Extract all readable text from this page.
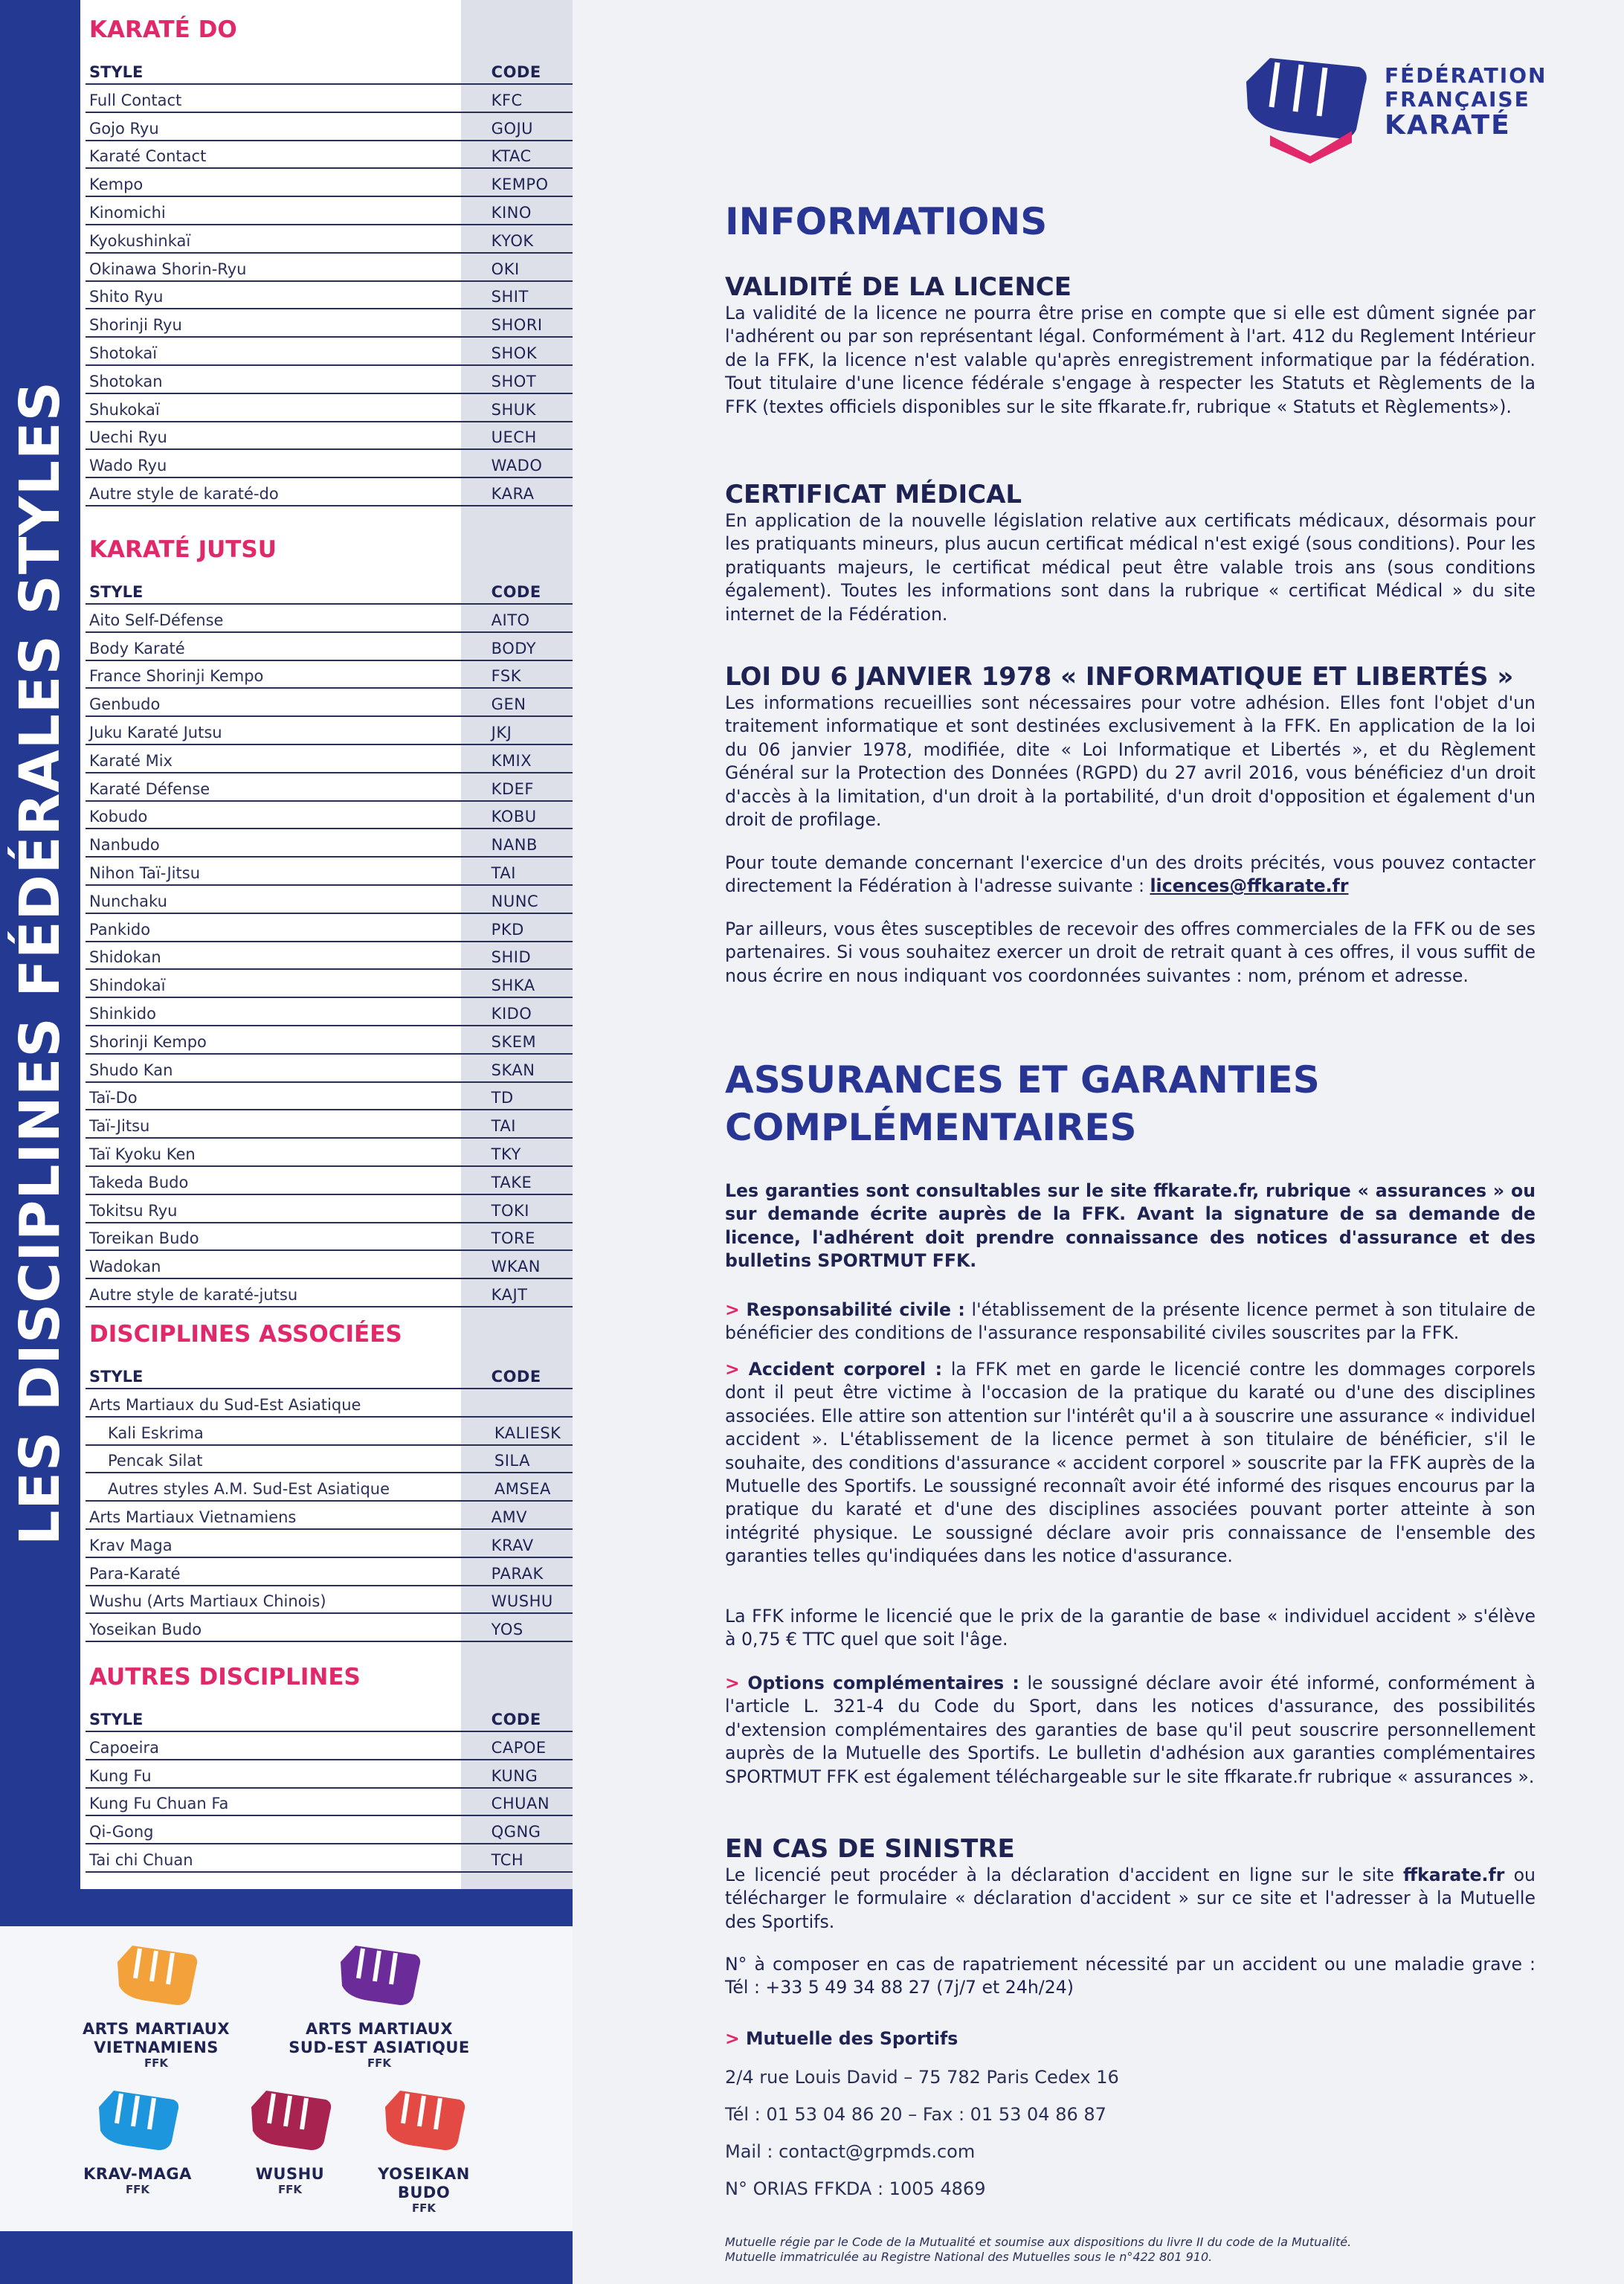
LES DISCIPLINES FÉDÉRALES STYLES
KARATÉ DO
STYLE	CODE
Full Contact	KFC
Gojo Ryu	GOJU
Karaté Contact	KTAC
Kempo	KEMPO
Kinomichi	KINO
Kyokushinkaï	KYOK
Okinawa Shorin-Ryu	OKI
Shito Ryu	SHIT
Shorinji Ryu	SHORI
Shotokaï	SHOK
Shotokan	SHOT
Shukokaï	SHUK
Uechi Ryu	UECH
Wado Ryu	WADO
Autre style de karaté-do	KARA
KARATÉ JUTSU
STYLE	CODE
Aito Self-Défense	AITO
Body Karaté	BODY
France Shorinji Kempo	FSK
Genbudo	GEN
Juku Karaté Jutsu	JKJ
Karaté Mix	KMIX
Karaté Défense	KDEF
Kobudo	KOBU
Nanbudo	NANB
Nihon Taï-Jitsu	TAI
Nunchaku	NUNC
Pankido	PKD
Shidokan	SHID
Shindokaï	SHKA
Shinkido	KIDO
Shorinji Kempo	SKEM
Shudo Kan	SKAN
Taï-Do	TD
Taï-Jitsu	TAI
Taï Kyoku Ken	TKY
Takeda Budo	TAKE
Tokitsu Ryu	TOKI
Toreikan Budo	TORE
Wadokan	WKAN
Autre style de karaté-jutsu	KAJT
DISCIPLINES ASSOCIÉES
STYLE	CODE
Arts Martiaux du Sud-Est Asiatique
Kali Eskrima	KALIESK
Pencak Silat	SILA
Autres styles A.M. Sud-Est Asiatique	AMSEA
Arts Martiaux Vietnamiens	AMV
Krav Maga	KRAV
Para-Karaté	PARAK
Wushu (Arts Martiaux Chinois)	WUSHU
Yoseikan Budo	YOS
AUTRES DISCIPLINES
STYLE	CODE
Capoeira	CAPOE
Kung Fu	KUNG
Kung Fu Chuan Fa	CHUAN
Qi-Gong	QGNG
Tai chi Chuan	TCH
ARTS MARTIAUX
VIETNAMIENS
FFK
ARTS MARTIAUX
SUD-EST ASIATIQUE
FFK
KRAV-MAGA
FFK
WUSHU
FFK
YOSEIKAN
BUDO
FFK
FÉDÉRATION
FRANÇAISE
KARATÉ
INFORMATIONS
VALIDITÉ DE LA LICENCE

La validité de la licence ne pourra être prise en compte que si elle est dûment signée par l'adhérent ou par son représentant légal. Conformément à l'art. 412 du Reglement Intérieur de la FFK, la licence n'est valable qu'après enregistrement informatique par la fédération. Tout titulaire d'une licence fédérale s'engage à respecter les Statuts et Règlements de la FFK (textes officiels disponibles sur le site ffkarate.fr, rubrique « Statuts et Règlements»).

CERTIFICAT MÉDICAL

En application de la nouvelle législation relative aux certificats médicaux, désormais pour les pratiquants mineurs, plus aucun certificat médical n'est exigé (sous conditions). Pour les pratiquants majeurs, le certificat médical peut être valable trois ans (sous conditions également). Toutes les informations sont dans la rubrique « certificat Médical » du site internet de la Fédération.

LOI DU 6 JANVIER 1978 « INFORMATIQUE ET LIBERTÉS »

Les informations recueillies sont nécessaires pour votre adhésion. Elles font l'objet d'un traitement informatique et sont destinées exclusivement à la FFK. En application de la loi du 06 janvier 1978, modifiée, dite « Loi Informatique et Libertés », et du Règlement Général sur la Protection des Données (RGPD) du 27 avril 2016, vous bénéficiez d'un droit d'accès à la limitation, d'un droit à la portabilité, d'un droit d'opposition et également d'un droit de profilage.

Pour toute demande concernant l'exercice d'un des droits précités, vous pouvez contacter directement la Fédération à l'adresse suivante : licences@ffkarate.fr

Par ailleurs, vous êtes susceptibles de recevoir des offres commerciales de la FFK ou de ses partenaires. Si vous souhaitez exercer un droit de retrait quant à ces offres, il vous suffit de nous écrire en nous indiquant vos coordonnées suivantes : nom, prénom et adresse.

ASSURANCES ET GARANTIES
COMPLÉMENTAIRES

Les garanties sont consultables sur le site ffkarate.fr, rubrique « assurances » ou sur demande écrite auprès de la FFK. Avant la signature de sa demande de licence, l'adhérent doit prendre connaissance des notices d'assurance et des bulletins SPORTMUT FFK.

> Responsabilité civile : l'établissement de la présente licence permet à son titulaire de bénéficier des conditions de l'assurance responsabilité civiles souscrites par la FFK.

> Accident corporel : la FFK met en garde le licencié contre les dommages corporels dont il peut être victime à l'occasion de la pratique du karaté ou d'une des disciplines associées. Elle attire son attention sur l'intérêt qu'il a à souscrire une assurance « individuel accident ». L'établissement de la licence permet à son titulaire de bénéficier, s'il le souhaite, des conditions d'assurance « accident corporel » souscrite par la FFK auprès de la Mutuelle des Sportifs. Le soussigné reconnaît avoir été informé des risques encourus par la pratique du karaté et d'une des disciplines associées pouvant porter atteinte à son intégrité physique. Le soussigné déclare avoir pris connaissance de l'ensemble des garanties telles qu'indiquées dans les notice d'assurance.

La FFK informe le licencié que le prix de la garantie de base « individuel accident » s'élève à 0,75 € TTC quel que soit l'âge.

> Options complémentaires : le soussigné déclare avoir été informé, conformément à l'article L. 321-4 du Code du Sport, dans les notices d'assurance, des possibilités d'extension complémentaires des garanties de base qu'il peut souscrire personnellement auprès de la Mutuelle des Sportifs. Le bulletin d'adhésion aux garanties complémentaires SPORTMUT FFK est également téléchargeable sur le site ffkarate.fr rubrique « assurances ».

EN CAS DE SINISTRE

Le licencié peut procéder à la déclaration d'accident en ligne sur le site ffkarate.fr ou télécharger le formulaire « déclaration d'accident » sur ce site et l'adresser à la Mutuelle des Sportifs.

N° à composer en cas de rapatriement nécessité par un accident ou une maladie grave : Tél : +33 5 49 34 88 27 (7j/7 et 24h/24)

> Mutuelle des Sportifs

2/4 rue Louis David – 75 782 Paris Cedex 16

Tél : 01 53 04 86 20 – Fax : 01 53 04 86 87

Mail : contact@grpmds.com

N° ORIAS FFKDA : 1005 4869

Mutuelle régie par le Code de la Mutualité et soumise aux dispositions du livre II du code de la Mutualité.

Mutuelle immatriculée au Registre National des Mutuelles sous le n°422 801 910.
